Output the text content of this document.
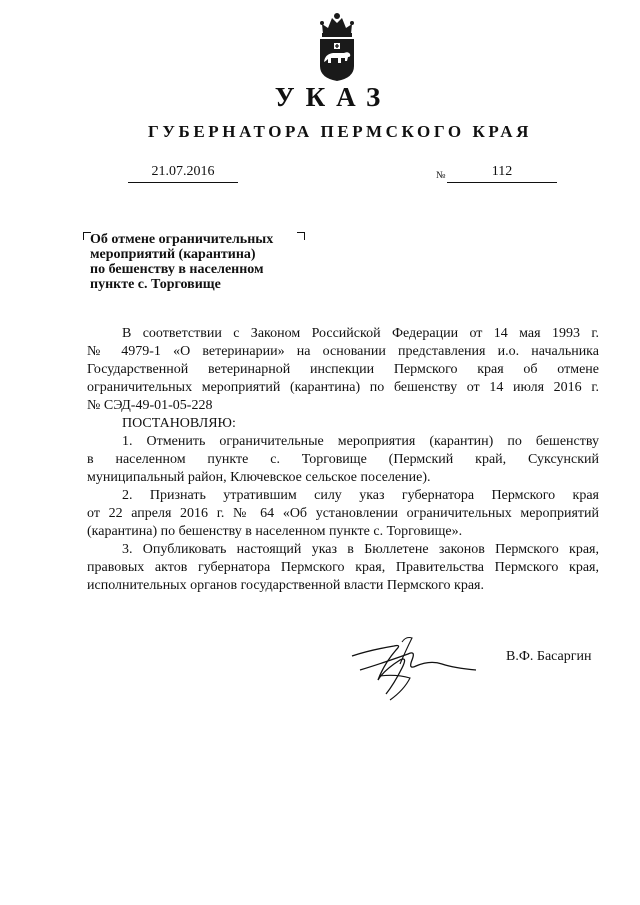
УКАЗ
ГУБЕРНАТОРА ПЕРМСКОГО КРАЯ
21.07.2016	№	112
Об отмене ограничительных
мероприятий (карантина)
по бешенству в населенном
пункте с. Торговище
В соответствии с Законом Российской Федерации от 14 мая 1993 г.
№ 4979-1 «О ветеринарии» на основании представления и.о. начальника
Государственной ветеринарной инспекции Пермского края об отмене
ограничительных мероприятий (карантина) по бешенству от 14 июля 2016 г.
№ СЭД-49-01-05-228
ПОСТАНОВЛЯЮ:
1. Отменить ограничительные мероприятия (карантин) по бешенству
в населенном пункте с. Торговище (Пермский край, Суксунский
муниципальный район, Ключевское сельское поселение).
2. Признать утратившим силу указ губернатора Пермского края
от 22 апреля 2016 г. № 64 «Об установлении ограничительных мероприятий
(карантина) по бешенству в населенном пункте с. Торговище».
3. Опубликовать настоящий указ в Бюллетене законов Пермского края,
правовых актов губернатора Пермского края, Правительства Пермского края,
исполнительных органов государственной власти Пермского края.
В.Ф. Басаргин
